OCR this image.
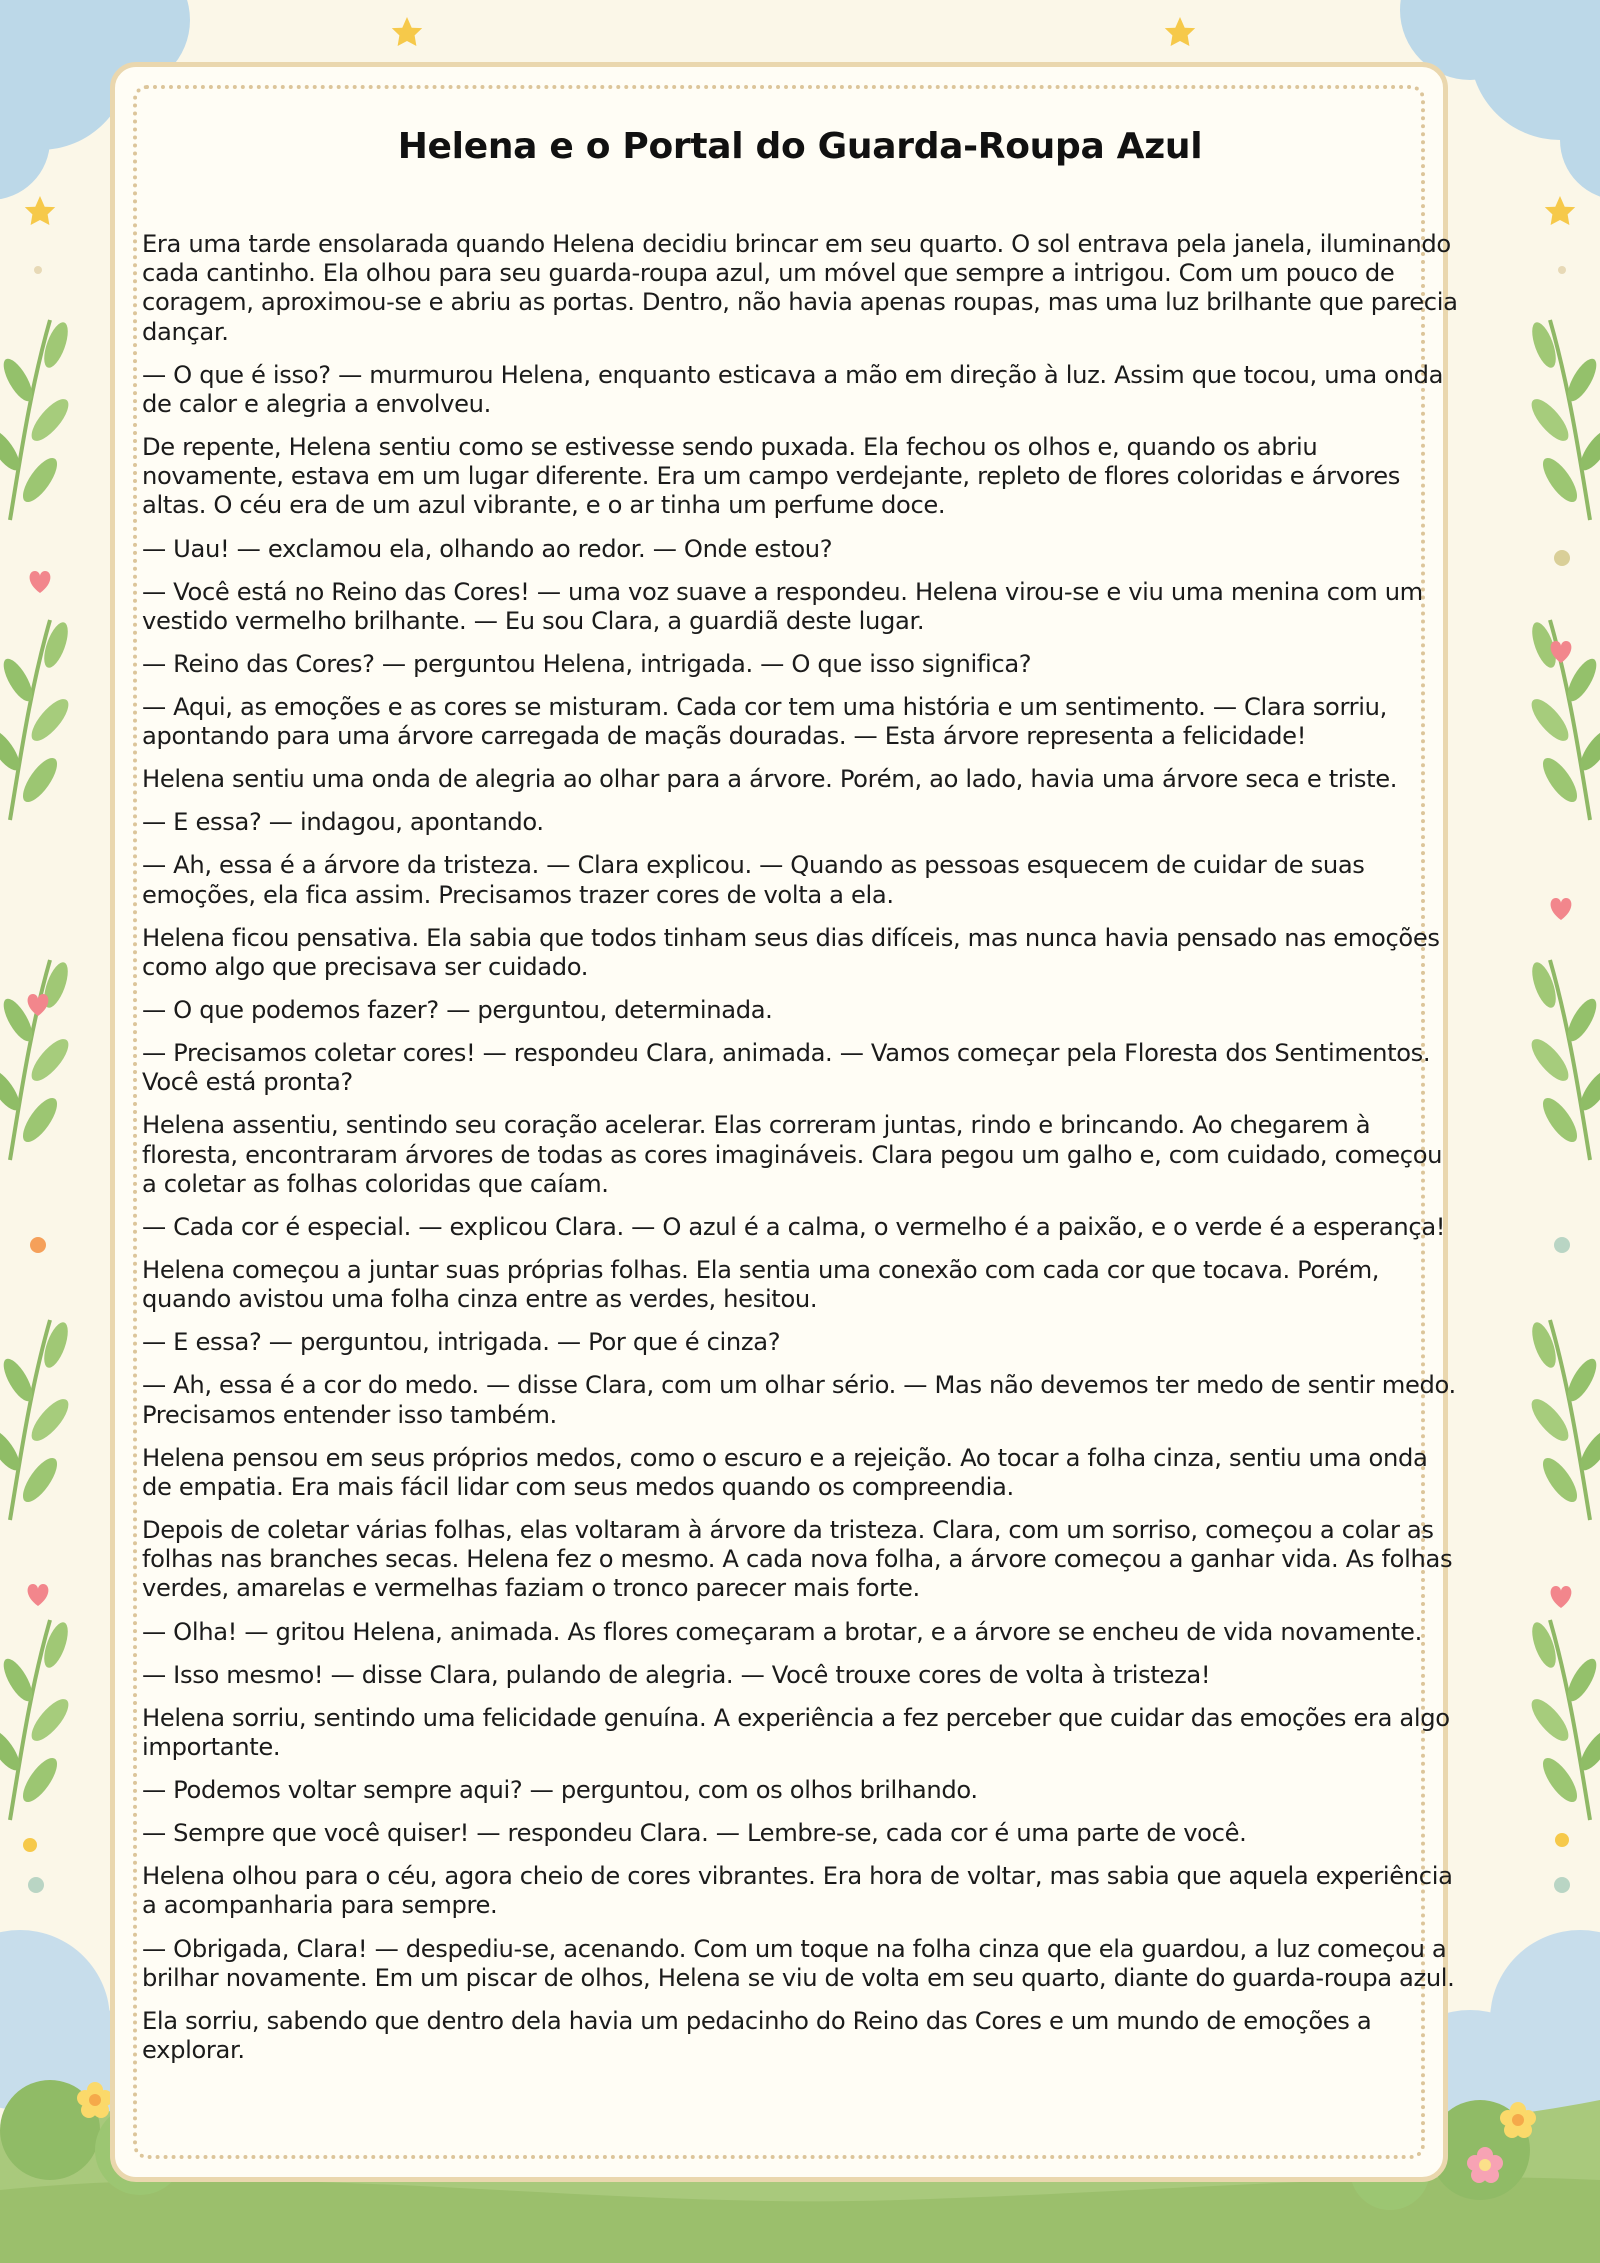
Helena e o Portal do Guarda-Roupa Azul

Era uma tarde ensolarada quando Helena decidiu brincar em seu quarto. O sol entrava pela janela, iluminando cada cantinho. Ela olhou para seu guarda-roupa azul, um móvel que sempre a intrigou. Com um pouco de coragem, aproximou-se e abriu as portas. Dentro, não havia apenas roupas, mas uma luz brilhante que parecia dançar.

— O que é isso? — murmurou Helena, enquanto esticava a mão em direção à luz. Assim que tocou, uma onda de calor e alegria a envolveu.

De repente, Helena sentiu como se estivesse sendo puxada. Ela fechou os olhos e, quando os abriu novamente, estava em um lugar diferente. Era um campo verdejante, repleto de flores coloridas e árvores altas. O céu era de um azul vibrante, e o ar tinha um perfume doce.

— Uau! — exclamou ela, olhando ao redor. — Onde estou?

— Você está no Reino das Cores! — uma voz suave a respondeu. Helena virou-se e viu uma menina com um vestido vermelho brilhante. — Eu sou Clara, a guardiã deste lugar.

— Reino das Cores? — perguntou Helena, intrigada. — O que isso significa?

— Aqui, as emoções e as cores se misturam. Cada cor tem uma história e um sentimento. — Clara sorriu, apontando para uma árvore carregada de maçãs douradas. — Esta árvore representa a felicidade!

Helena sentiu uma onda de alegria ao olhar para a árvore. Porém, ao lado, havia uma árvore seca e triste.

— E essa? — indagou, apontando.

— Ah, essa é a árvore da tristeza. — Clara explicou. — Quando as pessoas esquecem de cuidar de suas emoções, ela fica assim. Precisamos trazer cores de volta a ela.

Helena ficou pensativa. Ela sabia que todos tinham seus dias difíceis, mas nunca havia pensado nas emoções como algo que precisava ser cuidado.

— O que podemos fazer? — perguntou, determinada.

— Precisamos coletar cores! — respondeu Clara, animada. — Vamos começar pela Floresta dos Sentimentos. Você está pronta?

Helena assentiu, sentindo seu coração acelerar. Elas correram juntas, rindo e brincando. Ao chegarem à floresta, encontraram árvores de todas as cores imagináveis. Clara pegou um galho e, com cuidado, começou a coletar as folhas coloridas que caíam.

— Cada cor é especial. — explicou Clara. — O azul é a calma, o vermelho é a paixão, e o verde é a esperança!

Helena começou a juntar suas próprias folhas. Ela sentia uma conexão com cada cor que tocava. Porém, quando avistou uma folha cinza entre as verdes, hesitou.

— E essa? — perguntou, intrigada. — Por que é cinza?

— Ah, essa é a cor do medo. — disse Clara, com um olhar sério. — Mas não devemos ter medo de sentir medo. Precisamos entender isso também.

Helena pensou em seus próprios medos, como o escuro e a rejeição. Ao tocar a folha cinza, sentiu uma onda de empatia. Era mais fácil lidar com seus medos quando os compreendia.

Depois de coletar várias folhas, elas voltaram à árvore da tristeza. Clara, com um sorriso, começou a colar as folhas nas branches secas. Helena fez o mesmo. A cada nova folha, a árvore começou a ganhar vida. As folhas verdes, amarelas e vermelhas faziam o tronco parecer mais forte.

— Olha! — gritou Helena, animada. As flores começaram a brotar, e a árvore se encheu de vida novamente.

— Isso mesmo! — disse Clara, pulando de alegria. — Você trouxe cores de volta à tristeza!

Helena sorriu, sentindo uma felicidade genuína. A experiência a fez perceber que cuidar das emoções era algo importante.

— Podemos voltar sempre aqui? — perguntou, com os olhos brilhando.

— Sempre que você quiser! — respondeu Clara. — Lembre-se, cada cor é uma parte de você.

Helena olhou para o céu, agora cheio de cores vibrantes. Era hora de voltar, mas sabia que aquela experiência a acompanharia para sempre.

— Obrigada, Clara! — despediu-se, acenando. Com um toque na folha cinza que ela guardou, a luz começou a brilhar novamente. Em um piscar de olhos, Helena se viu de volta em seu quarto, diante do guarda-roupa azul.

Ela sorriu, sabendo que dentro dela havia um pedacinho do Reino das Cores e um mundo de emoções a explorar.
